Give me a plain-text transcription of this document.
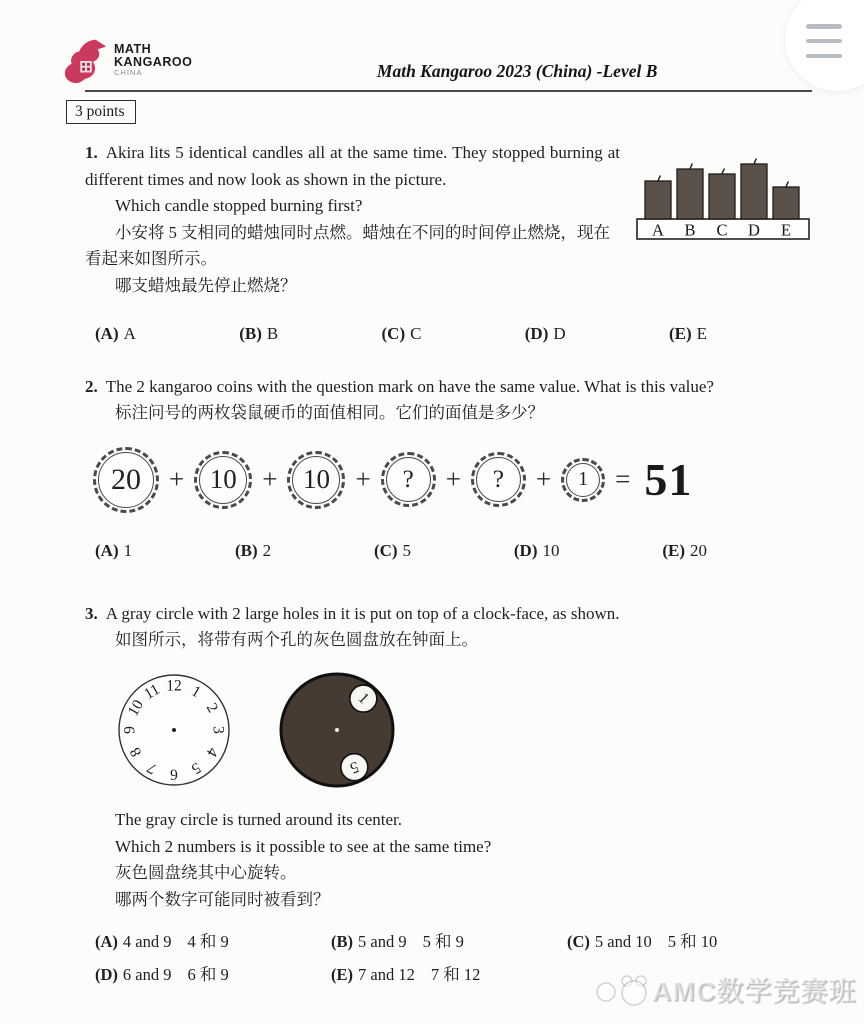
MATH
KANGAROO
CHINA	Math Kangaroo 2023 (China) -Level B
3 points
A B C D E

1. Akira lits 5 identical candles all at the same time. They stopped burning at different times and now look as shown in the picture.

Which candle stopped burning first?

小安将 5 支相同的蜡烛同时点燃。蜡烛在不同的时间停止燃烧，现在看起来如图所示。

哪支蜡烛最先停止燃烧？

(A) A	(B) B	(C) C	(D) D	(E) E

2. The 2 kangaroo coins with the question mark on have the same value. What is this value?

标注问号的两枚袋鼠硬币的面值相同。它们的面值是多少？

20	+ 10 + 10 +	?	+	?	+	1	= 51
(A) 1	(B) 2	(C) 5	(D) 10	(E) 20

3. A gray circle with 2 large holes in it is put on top of a clock-face, as shown.

如图所示，将带有两个孔的灰色圆盘放在钟面上。

1
2
3
4
5
6
7
8
9
10
11 12
1
5

The gray circle is turned around its center.

Which 2 numbers is it possible to see at the same time?

灰色圆盘绕其中心旋转。

哪两个数字可能同时被看到？

(A) 4 and 9 4 和 9	(B) 5 and 9 5 和 9	(C) 5 and 10 5 和 10
(D) 6 and 9 6 和 9	(E) 7 and 12 7 和 12
AMC数学竞赛班
